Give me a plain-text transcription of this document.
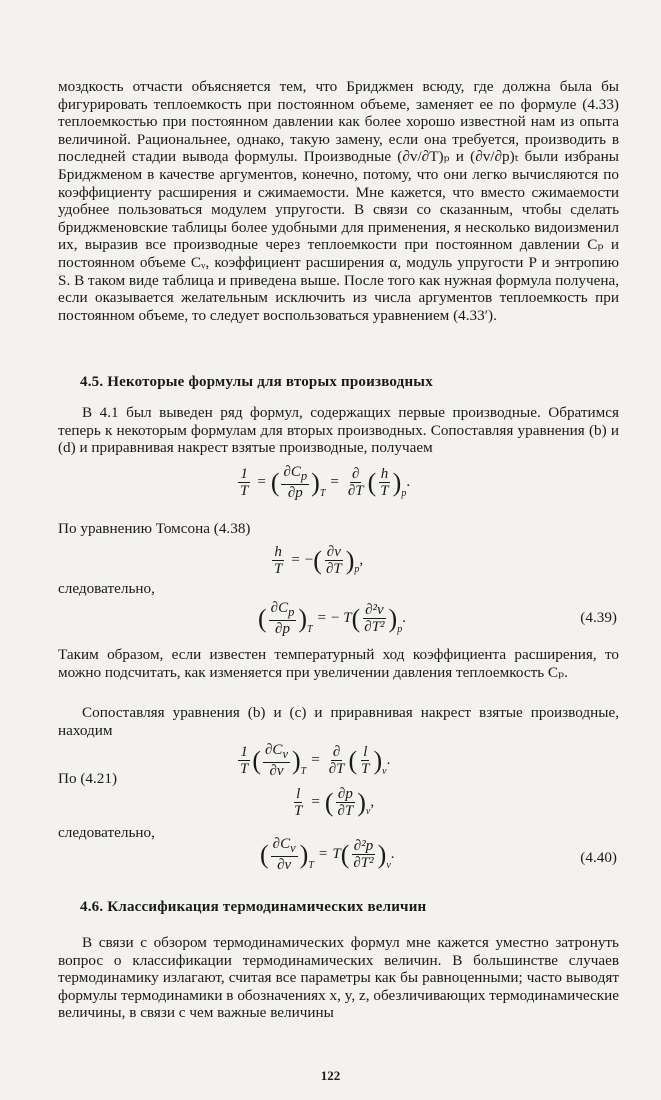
моздкость отчасти объясняется тем, что Бриджмен всюду, где должна была бы фигурировать теплоемкость при постоянном объеме, заменяет ее по формуле (4.33) теплоемкостью при постоянном давлении как более хорошо известной нам из опыта величиной. Рациональнее, однако, такую замену, если она требуется, производить в последней стадии вывода формулы. Производные (∂v/∂T)ₚ и (∂v/∂p)ₜ были избраны Бриджменом в качестве аргументов, конечно, потому, что они легко вычисляются по коэффициенту расширения и сжимаемости. Мне кажется, что вместо сжимаемости удобнее пользоваться модулем упругости. В связи со сказанным, чтобы сделать бриджменовские таблицы более удобными для применения, я несколько видоизменил их, выразив все производные через теплоемкости при постоянном давлении Cₚ и постоянном объеме Cᵥ, коэффициент расширения α, модуль упругости P и энтропию S. В таком виде таблица и приведена выше. После того как нужная формула получена, если оказывается желательным исключить из числа аргументов теплоемкость при постоянном объеме, то следует воспользоваться уравнением (4.33′).

4.5. Некоторые формулы для вторых производных

В 4.1 был выведен ряд формул, содержащих первые производные. Обратимся теперь к некоторым формулам для вторых производных. Сопоставляя уравнения (b) и (d) и приравнивая накрест взятые производные, получаем

$\frac{1}{T}$ = ( $\frac{\partial C_p}{\partial p}$ ) T
= $\frac{\partial}{\partial T}$ ( $\frac{h}{T}$ ) p
.

По уравнению Томсона (4.38)

$\frac{h}{T}$ = − ( $\frac{\partial v}{\partial T}$ ) p
,

следовательно,

( $\frac{\partial C_p}{\partial p}$ ) T
= − T ( $\frac{\text{∂²v}}{\text{∂T²}}$ ) p
.	(4.39)

Таким образом, если известен температурный ход коэффициента расширения, то можно подсчитать, как изменяется при увеличении давления теплоемкость Cₚ.

Сопоставляя уравнения (b) и (c) и приравнивая накрест взятые производные, находим

$\frac{1}{T}$ ( $\frac{\partial C_v}{\partial v}$ ) T
= $\frac{\partial}{\partial T}$ ( $\frac{l}{T}$ ) v
.

По (4.21)

$\frac{l}{T}$ = ( $\frac{\partial p}{\partial T}$ ) v
,

следовательно,

( $\frac{\partial C_v}{\partial v}$ ) T
= T ( $\frac{\text{∂²p}}{\text{∂T²}}$ ) v
.	(4.40)
4.6. Классификация термодинамических величин

В связи с обзором термодинамических формул мне кажется уместно затронуть вопрос о классификации термодинамических величин. В большинстве случаев термодинамику излагают, считая все параметры как бы равноценными; часто выводят формулы термодинамики в обозначениях x, y, z, обезличивающих термодинамические величины, в связи с чем важные величины

122
